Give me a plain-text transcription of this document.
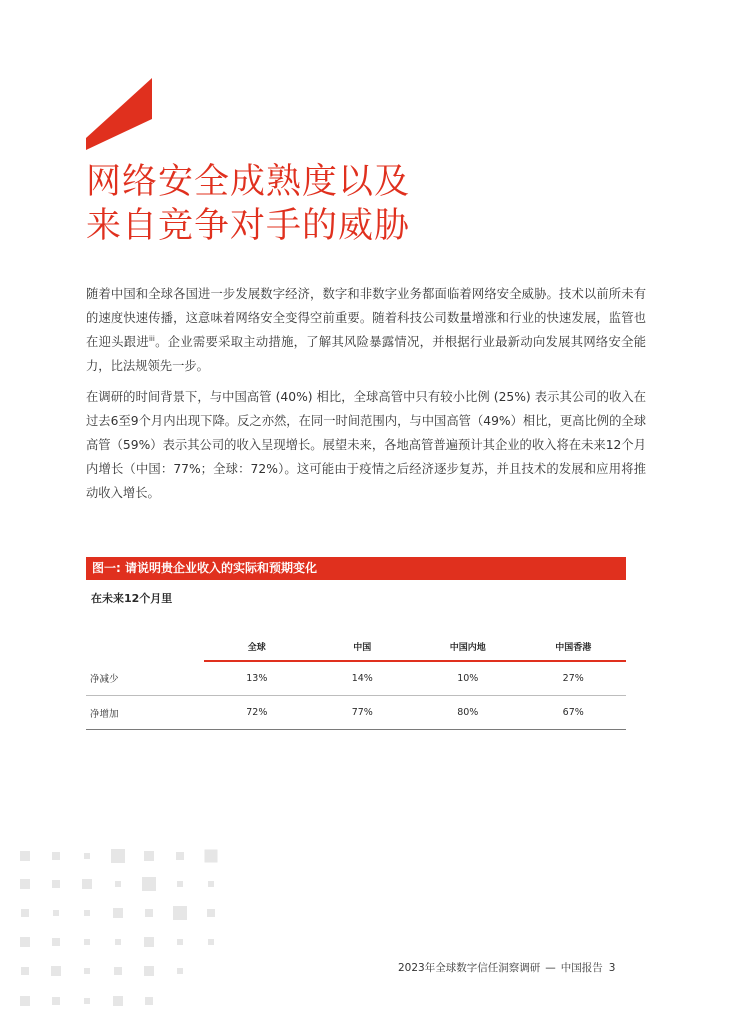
网络安全成熟度以及
来自竞争对手的威胁
随着中国和全球各国进一步发展数字经济，数字和非数字业务都面临着网络安全威胁。技术以前所未有的速度快速传播，这意味着网络安全变得空前重要。随着科技公司数量增涨和行业的快速发展，监管也在迎头跟进$^{iii}$。企业需要采取主动措施，了解其风险暴露情况，并根据行业最新动向发展其网络安全能力，比法规领先一步。
在调研的时间背景下，与中国高管 (40%) 相比，全球高管中只有较小比例 (25%) 表示其公司的收入在过去6至9个月内出现下降。反之亦然，在同一时间范围内，与中国高管（49%）相比，更高比例的全球高管（59%）表示其公司的收入呈现增长。展望未来，各地高管普遍预计其企业的收入将在未来12个月内增长（中国：77%；全球：72%）。这可能由于疫情之后经济逐步复苏，并且技术的发展和应用将推动收入增长。
图一: 请说明贵企业收入的实际和预期变化
在未来12个月里
	全球	中国	中国内地	中国香港
净减少	13%	14%	10%	27%
净增加	72%	77%	80%	67%
2023年全球数字信任洞察调研 — 中国报告 3
